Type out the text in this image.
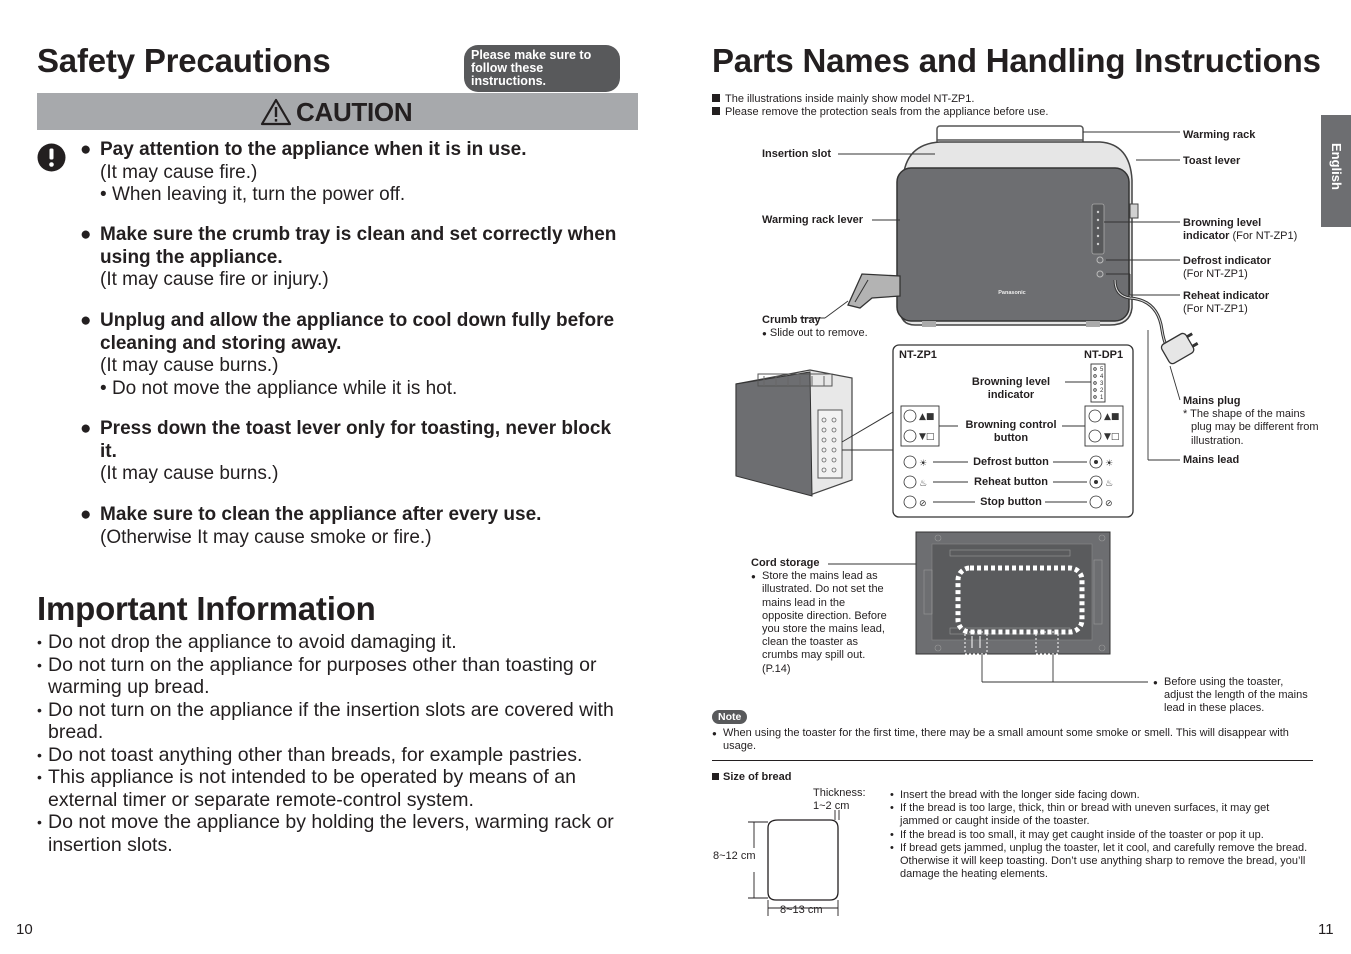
Safety Precautions	Please make sure to follow these instructions.
CAUTION
● Pay attention to the appliance when it is in use.
(It may cause fire.)
• When leaving it, turn the power off.
● Make sure the crumb tray is clean and set correctly when using the appliance.
(It may cause fire or injury.)
● Unplug and allow the appliance to cool down fully before cleaning and storing away.
(It may cause burns.)
• Do not move the appliance while it is hot.
● Press down the toast lever only for toasting, never block it.
(It may cause burns.)
● Make sure to clean the appliance after every use.
(Otherwise It may cause smoke or fire.)
Important Information
• Do not drop the appliance to avoid damaging it.
• Do not turn on the appliance for purposes other than toasting or warming up bread.
• Do not turn on the appliance if the insertion slots are covered with bread.
• Do not toast anything other than breads, for example pastries.
• This appliance is not intended to be operated by means of an external timer or separate remote-control system.
• Do not move the appliance by holding the levers, warming rack or insertion slots.
10
Parts Names and Handling Instructions
The illustrations inside mainly show model NT-ZP1.
Please remove the protection seals from the appliance before use.
English
Panasonic
Insertion slot
Warming rack lever
Crumb tray
● Slide out to remove.
Warming rack
Toast lever
Browning level
indicator (For NT-ZP1)
Defrost indicator
(For NT-ZP1)
Reheat indicator
(For NT-ZP1)
Mains plug

* The shape of the mains plug may be different from illustration.
Mains lead
NT-ZP1	NT-DP1
Browning level indicator
Browning control button
Defrost button
Reheat button
Stop button
5
4
3
2
1
▲■
▼□
▲■
▼□
☀
♨
⊘
☀
♨
⊘
Cord storage
● Store the mains lead as illustrated. Do not set the mains lead in the opposite direction. Before you store the mains lead, clean the toaster as crumbs may spill out. (P.14)
● Before using the toaster, adjust the length of the mains lead in these places.
Note
● When using the toaster for the first time, there may be a small amount some smoke or smell. This will disappear with usage.
Size of bread
Thickness:
1~2 cm
8~12 cm
8~13 cm
• Insert the bread with the longer side facing down.
• If the bread is too large, thick, thin or bread with uneven surfaces, it may get jammed or caught inside of the toaster.
• If the bread is too small, it may get caught inside of the toaster or pop it up.
• If bread gets jammed, unplug the toaster, let it cool, and carefully remove the bread. Otherwise it will keep toasting. Don’t use anything sharp to remove the bread, you’ll damage the heating elements.
11
